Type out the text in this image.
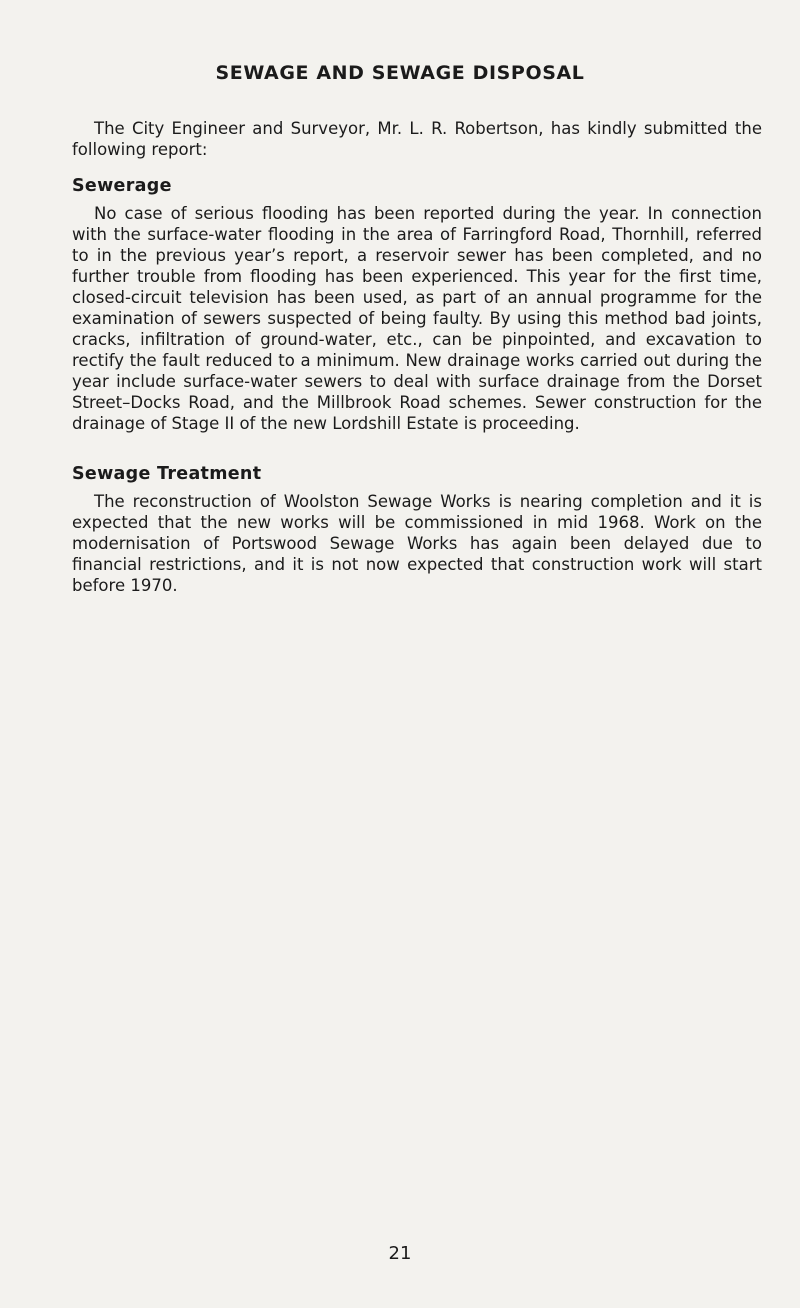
SEWAGE AND SEWAGE DISPOSAL

The City Engineer and Surveyor, Mr. L. R. Robertson, has kindly submitted the following report:

Sewerage

No case of serious flooding has been reported during the year. In connection with the surface-water flooding in the area of Farringford Road, Thornhill, referred to in the previous year’s report, a reservoir sewer has been completed, and no further trouble from flooding has been experienced. This year for the first time, closed-circuit television has been used, as part of an annual programme for the examination of sewers suspected of being faulty. By using this method bad joints, cracks, infiltration of ground-water, etc., can be pinpointed, and excavation to rectify the fault reduced to a minimum. New drainage works carried out during the year include surface-water sewers to deal with surface drainage from the Dorset Street–Docks Road, and the Millbrook Road schemes. Sewer construction for the drainage of Stage II of the new Lordshill Estate is proceeding.

Sewage Treatment

The reconstruction of Woolston Sewage Works is nearing completion and it is expected that the new works will be commissioned in mid 1968. Work on the modernisation of Portswood Sewage Works has again been delayed due to financial restrictions, and it is not now expected that construction work will start before 1970.

21
